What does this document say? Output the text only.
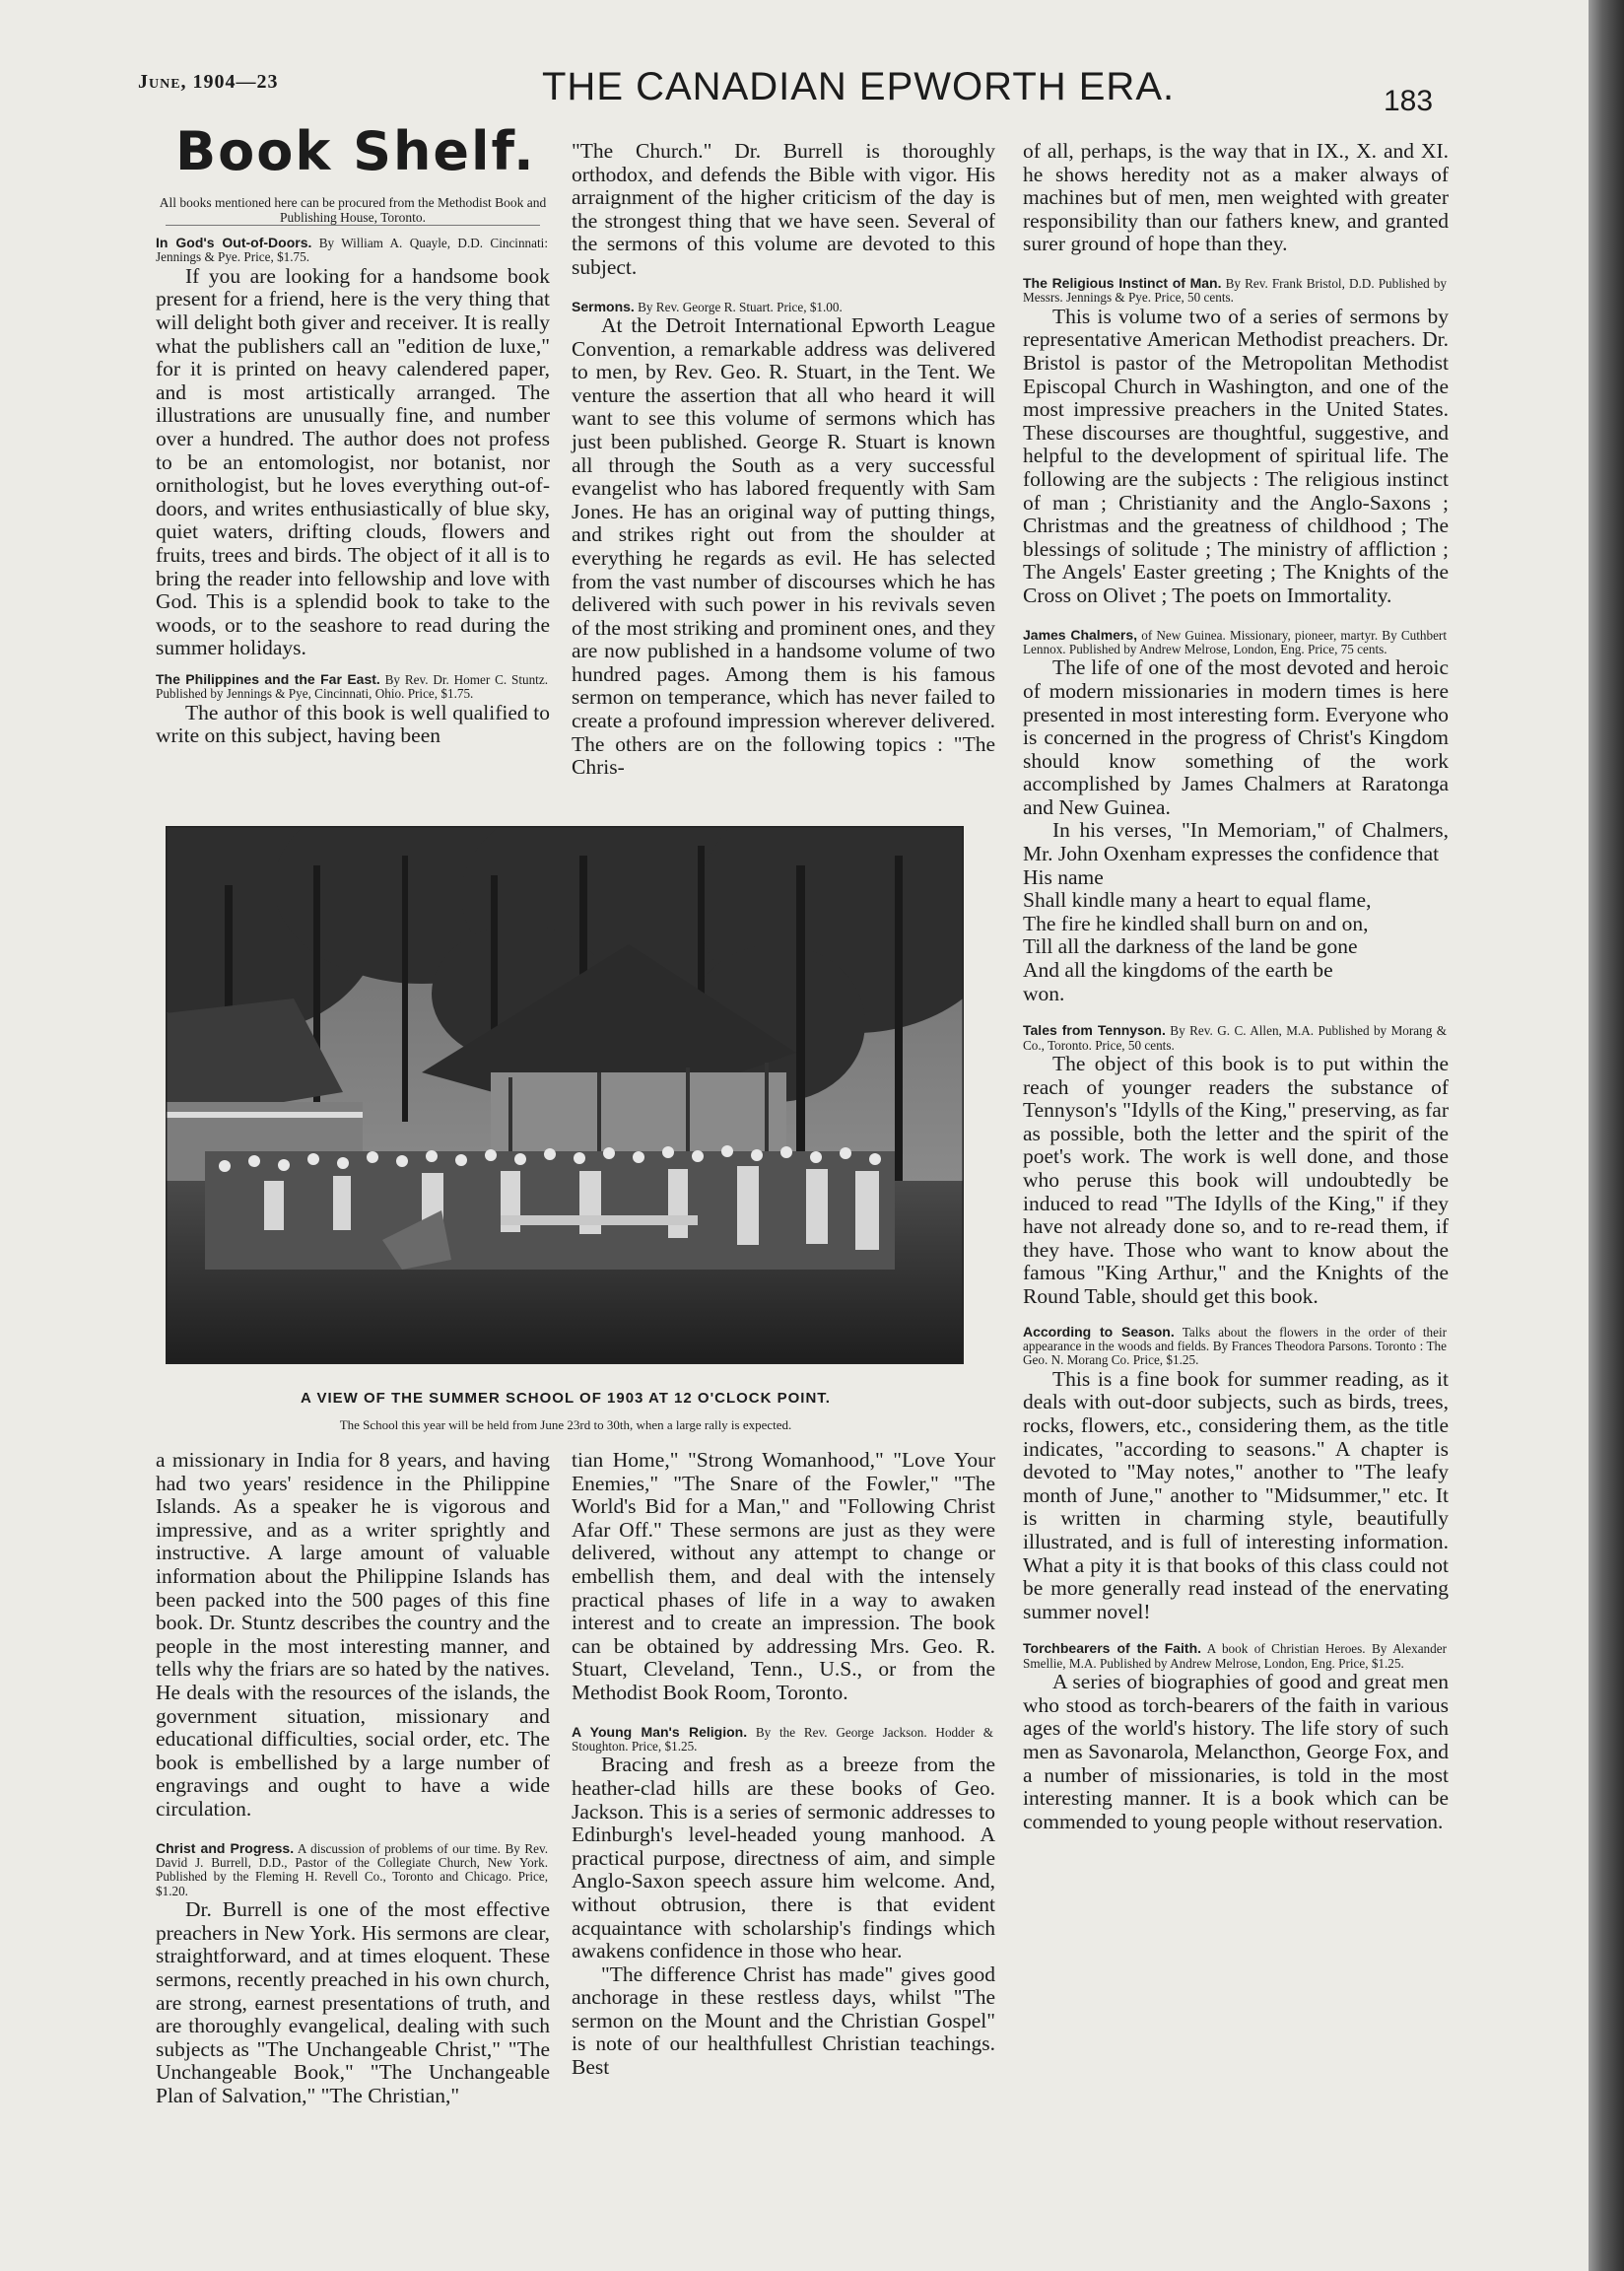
June, 1904—23	THE CANADIAN EPWORTH ERA.	183
Book Shelf.

All books mentioned here can be procured from the Methodist Book and Publishing House, Toronto.

In God's Out-of-Doors. By William A. Quayle, D.D. Cincinnati: Jennings & Pye. Price, $1.75.

If you are looking for a handsome book present for a friend, here is the very thing that will delight both giver and receiver. It is really what the publishers call an "edition de luxe," for it is printed on heavy calendered paper, and is most artistically arranged. The illustrations are unusually fine, and number over a hundred. The author does not profess to be an entomologist, nor botanist, nor ornithologist, but he loves everything out-of-doors, and writes enthusiastically of blue sky, quiet waters, drifting clouds, flowers and fruits, trees and birds. The object of it all is to bring the reader into fellowship and love with God. This is a splendid book to take to the woods, or to the seashore to read during the summer holidays.

The Philippines and the Far East. By Rev. Dr. Homer C. Stuntz. Published by Jennings & Pye, Cincinnati, Ohio. Price, $1.75.

The author of this book is well qualified to write on this subject, having been

"The Church." Dr. Burrell is thoroughly orthodox, and defends the Bible with vigor. His arraignment of the higher criticism of the day is the strongest thing that we have seen. Several of the sermons of this volume are devoted to this subject.

Sermons. By Rev. George R. Stuart. Price, $1.00.

At the Detroit International Epworth League Convention, a remarkable address was delivered to men, by Rev. Geo. R. Stuart, in the Tent. We venture the assertion that all who heard it will want to see this volume of sermons which has just been published. George R. Stuart is known all through the South as a very successful evangelist who has labored frequently with Sam Jones. He has an original way of putting things, and strikes right out from the shoulder at everything he regards as evil. He has selected from the vast number of discourses which he has delivered with such power in his revivals seven of the most striking and prominent ones, and they are now published in a handsome volume of two hundred pages. Among them is his famous sermon on temperance, which has never failed to create a profound impression wherever delivered. The others are on the following topics : "The Chris-

of all, perhaps, is the way that in IX., X. and XI. he shows heredity not as a maker always of machines but of men, men weighted with greater responsibility than our fathers knew, and granted surer ground of hope than they.

The Religious Instinct of Man. By Rev. Frank Bristol, D.D. Published by Messrs. Jennings & Pye. Price, 50 cents.

This is volume two of a series of sermons by representative American Methodist preachers. Dr. Bristol is pastor of the Metropolitan Methodist Episcopal Church in Washington, and one of the most impressive preachers in the United States. These discourses are thoughtful, suggestive, and helpful to the development of spiritual life. The following are the subjects : The religious instinct of man ; Christianity and the Anglo-Saxons ; Christmas and the greatness of childhood ; The blessings of solitude ; The ministry of affliction ; The Angels' Easter greeting ; The Knights of the Cross on Olivet ; The poets on Immortality.

James Chalmers, of New Guinea. Missionary, pioneer, martyr. By Cuthbert Lennox. Published by Andrew Melrose, London, Eng. Price, 75 cents.

The life of one of the most devoted and heroic of modern missionaries in modern times is here presented in most interesting form. Everyone who is concerned in the progress of Christ's Kingdom should know something of the work accomplished by James Chalmers at Raratonga and New Guinea.

In his verses, "In Memoriam," of Chalmers, Mr. John Oxenham expresses the confidence that

His name

Shall kindle many a heart to equal flame,

The fire he kindled shall burn on and on,

Till all the darkness of the land be gone

And all the kingdoms of the earth be

won.

Tales from Tennyson. By Rev. G. C. Allen, M.A. Published by Morang & Co., Toronto. Price, 50 cents.

The object of this book is to put within the reach of younger readers the substance of Tennyson's "Idylls of the King," preserving, as far as possible, both the letter and the spirit of the poet's work. The work is well done, and those who peruse this book will undoubtedly be induced to read "The Idylls of the King," if they have not already done so, and to re-read them, if they have. Those who want to know about the famous "King Arthur," and the Knights of the Round Table, should get this book.

According to Season. Talks about the flowers in the order of their appearance in the woods and fields. By Frances Theodora Parsons. Toronto : The Geo. N. Morang Co. Price, $1.25.

This is a fine book for summer reading, as it deals with out-door subjects, such as birds, trees, rocks, flowers, etc., considering them, as the title indicates, "according to seasons." A chapter is devoted to "May notes," another to "The leafy month of June," another to "Midsummer," etc. It is written in charming style, beautifully illustrated, and is full of interesting information. What a pity it is that books of this class could not be more generally read instead of the enervating summer novel!

Torchbearers of the Faith. A book of Christian Heroes. By Alexander Smellie, M.A. Published by Andrew Melrose, London, Eng. Price, $1.25.

A series of biographies of good and great men who stood as torch-bearers of the faith in various ages of the world's history. The life story of such men as Savonarola, Melancthon, George Fox, and a number of missionaries, is told in the most interesting manner. It is a book which can be commended to young people without reservation.

A VIEW OF THE SUMMER SCHOOL OF 1903 AT 12 O'CLOCK POINT.
The School this year will be held from June 23rd to 30th, when a large rally is expected.

a missionary in India for 8 years, and having had two years' residence in the Philippine Islands. As a speaker he is vigorous and impressive, and as a writer sprightly and instructive. A large amount of valuable information about the Philippine Islands has been packed into the 500 pages of this fine book. Dr. Stuntz describes the country and the people in the most interesting manner, and tells why the friars are so hated by the natives. He deals with the resources of the islands, the government situation, missionary and educational difficulties, social order, etc. The book is embellished by a large number of engravings and ought to have a wide circulation.

Christ and Progress. A discussion of problems of our time. By Rev. David J. Burrell, D.D., Pastor of the Collegiate Church, New York. Published by the Fleming H. Revell Co., Toronto and Chicago. Price, $1.20.

Dr. Burrell is one of the most effective preachers in New York. His sermons are clear, straightforward, and at times eloquent. These sermons, recently preached in his own church, are strong, earnest presentations of truth, and are thoroughly evangelical, dealing with such subjects as "The Unchangeable Christ," "The Unchangeable Book," "The Unchangeable Plan of Salvation," "The Christian,"

tian Home," "Strong Womanhood," "Love Your Enemies," "The Snare of the Fowler," "The World's Bid for a Man," and "Following Christ Afar Off." These sermons are just as they were delivered, without any attempt to change or embellish them, and deal with the intensely practical phases of life in a way to awaken interest and to create an impression. The book can be obtained by addressing Mrs. Geo. R. Stuart, Cleveland, Tenn., U.S., or from the Methodist Book Room, Toronto.

A Young Man's Religion. By the Rev. George Jackson. Hodder & Stoughton. Price, $1.25.

Bracing and fresh as a breeze from the heather-clad hills are these books of Geo. Jackson. This is a series of sermonic addresses to Edinburgh's level-headed young manhood. A practical purpose, directness of aim, and simple Anglo-Saxon speech assure him welcome. And, without obtrusion, there is that evident acquaintance with scholarship's findings which awakens confidence in those who hear.

"The difference Christ has made" gives good anchorage in these restless days, whilst "The sermon on the Mount and the Christian Gospel" is note of our healthfullest Christian teachings. Best
